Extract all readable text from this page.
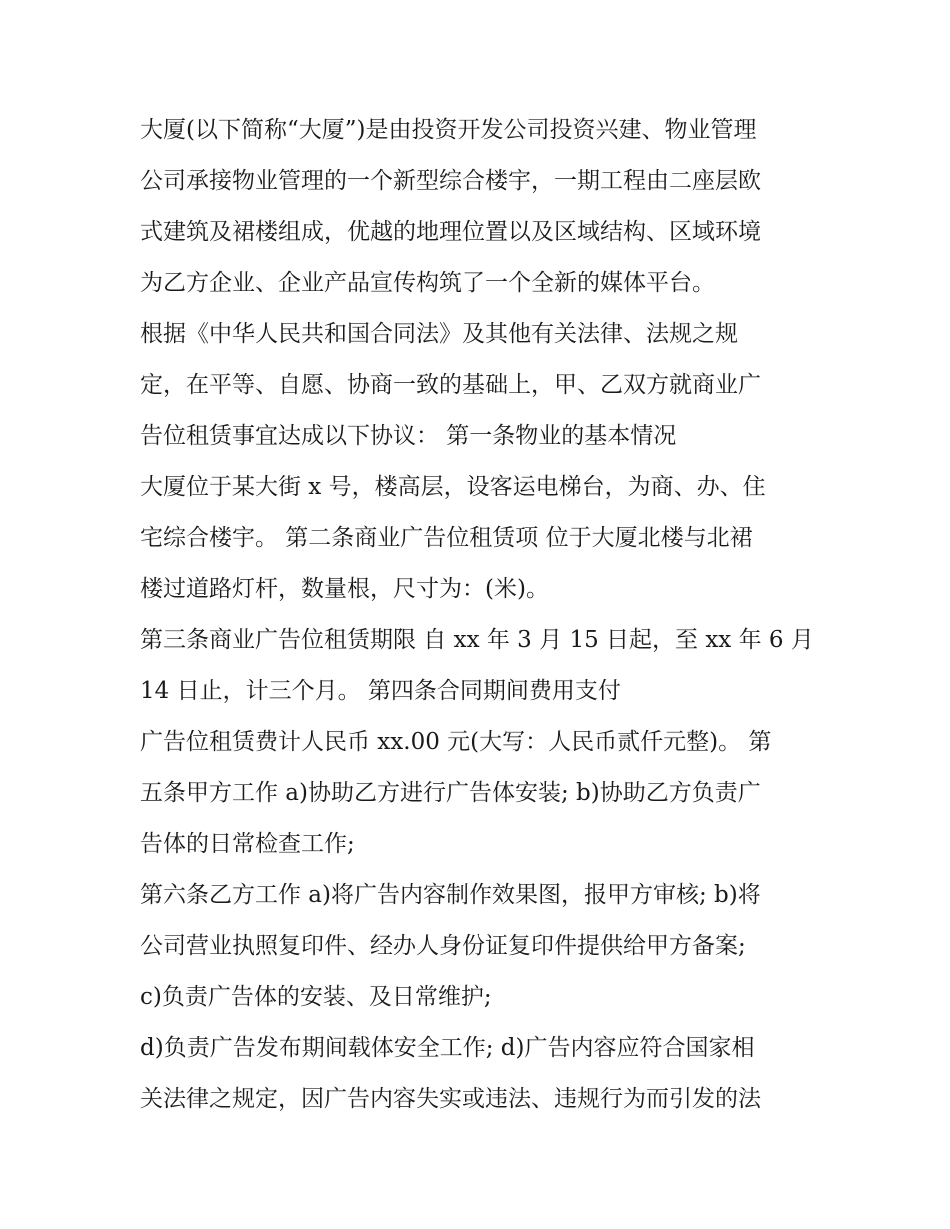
大厦(以下简称“大厦”)是由投资开发公司投资兴建、物业管理
公司承接物业管理的一个新型综合楼宇，一期工程由二座层欧
式建筑及裙楼组成，优越的地理位置以及区域结构、区域环境
为乙方企业、企业产品宣传构筑了一个全新的媒体平台。
根据《中华人民共和国合同法》及其他有关法律、法规之规
定，在平等、自愿、协商一致的基础上，甲、乙双方就商业广
告位租赁事宜达成以下协议： 第一条物业的基本情况
大厦位于某大街 x 号，楼高层，设客运电梯台，为商、办、住
宅综合楼宇。 第二条商业广告位租赁项 位于大厦北楼与北裙
楼过道路灯杆，数量根，尺寸为：(米)。
第三条商业广告位租赁期限 自 xx 年 3 月 15 日起，至 xx 年 6 月
14 日止，计三个月。 第四条合同期间费用支付
广告位租赁费计人民币 xx.00 元(大写：人民币贰仟元整)。 第
五条甲方工作 a)协助乙方进行广告体安装; b)协助乙方负责广
告体的日常检查工作;
第六条乙方工作 a)将广告内容制作效果图，报甲方审核; b)将
公司营业执照复印件、经办人身份证复印件提供给甲方备案;
c)负责广告体的安装、及日常维护;
d)负责广告发布期间载体安全工作; d)广告内容应符合国家相
关法律之规定，因广告内容失实或违法、违规行为而引发的法
